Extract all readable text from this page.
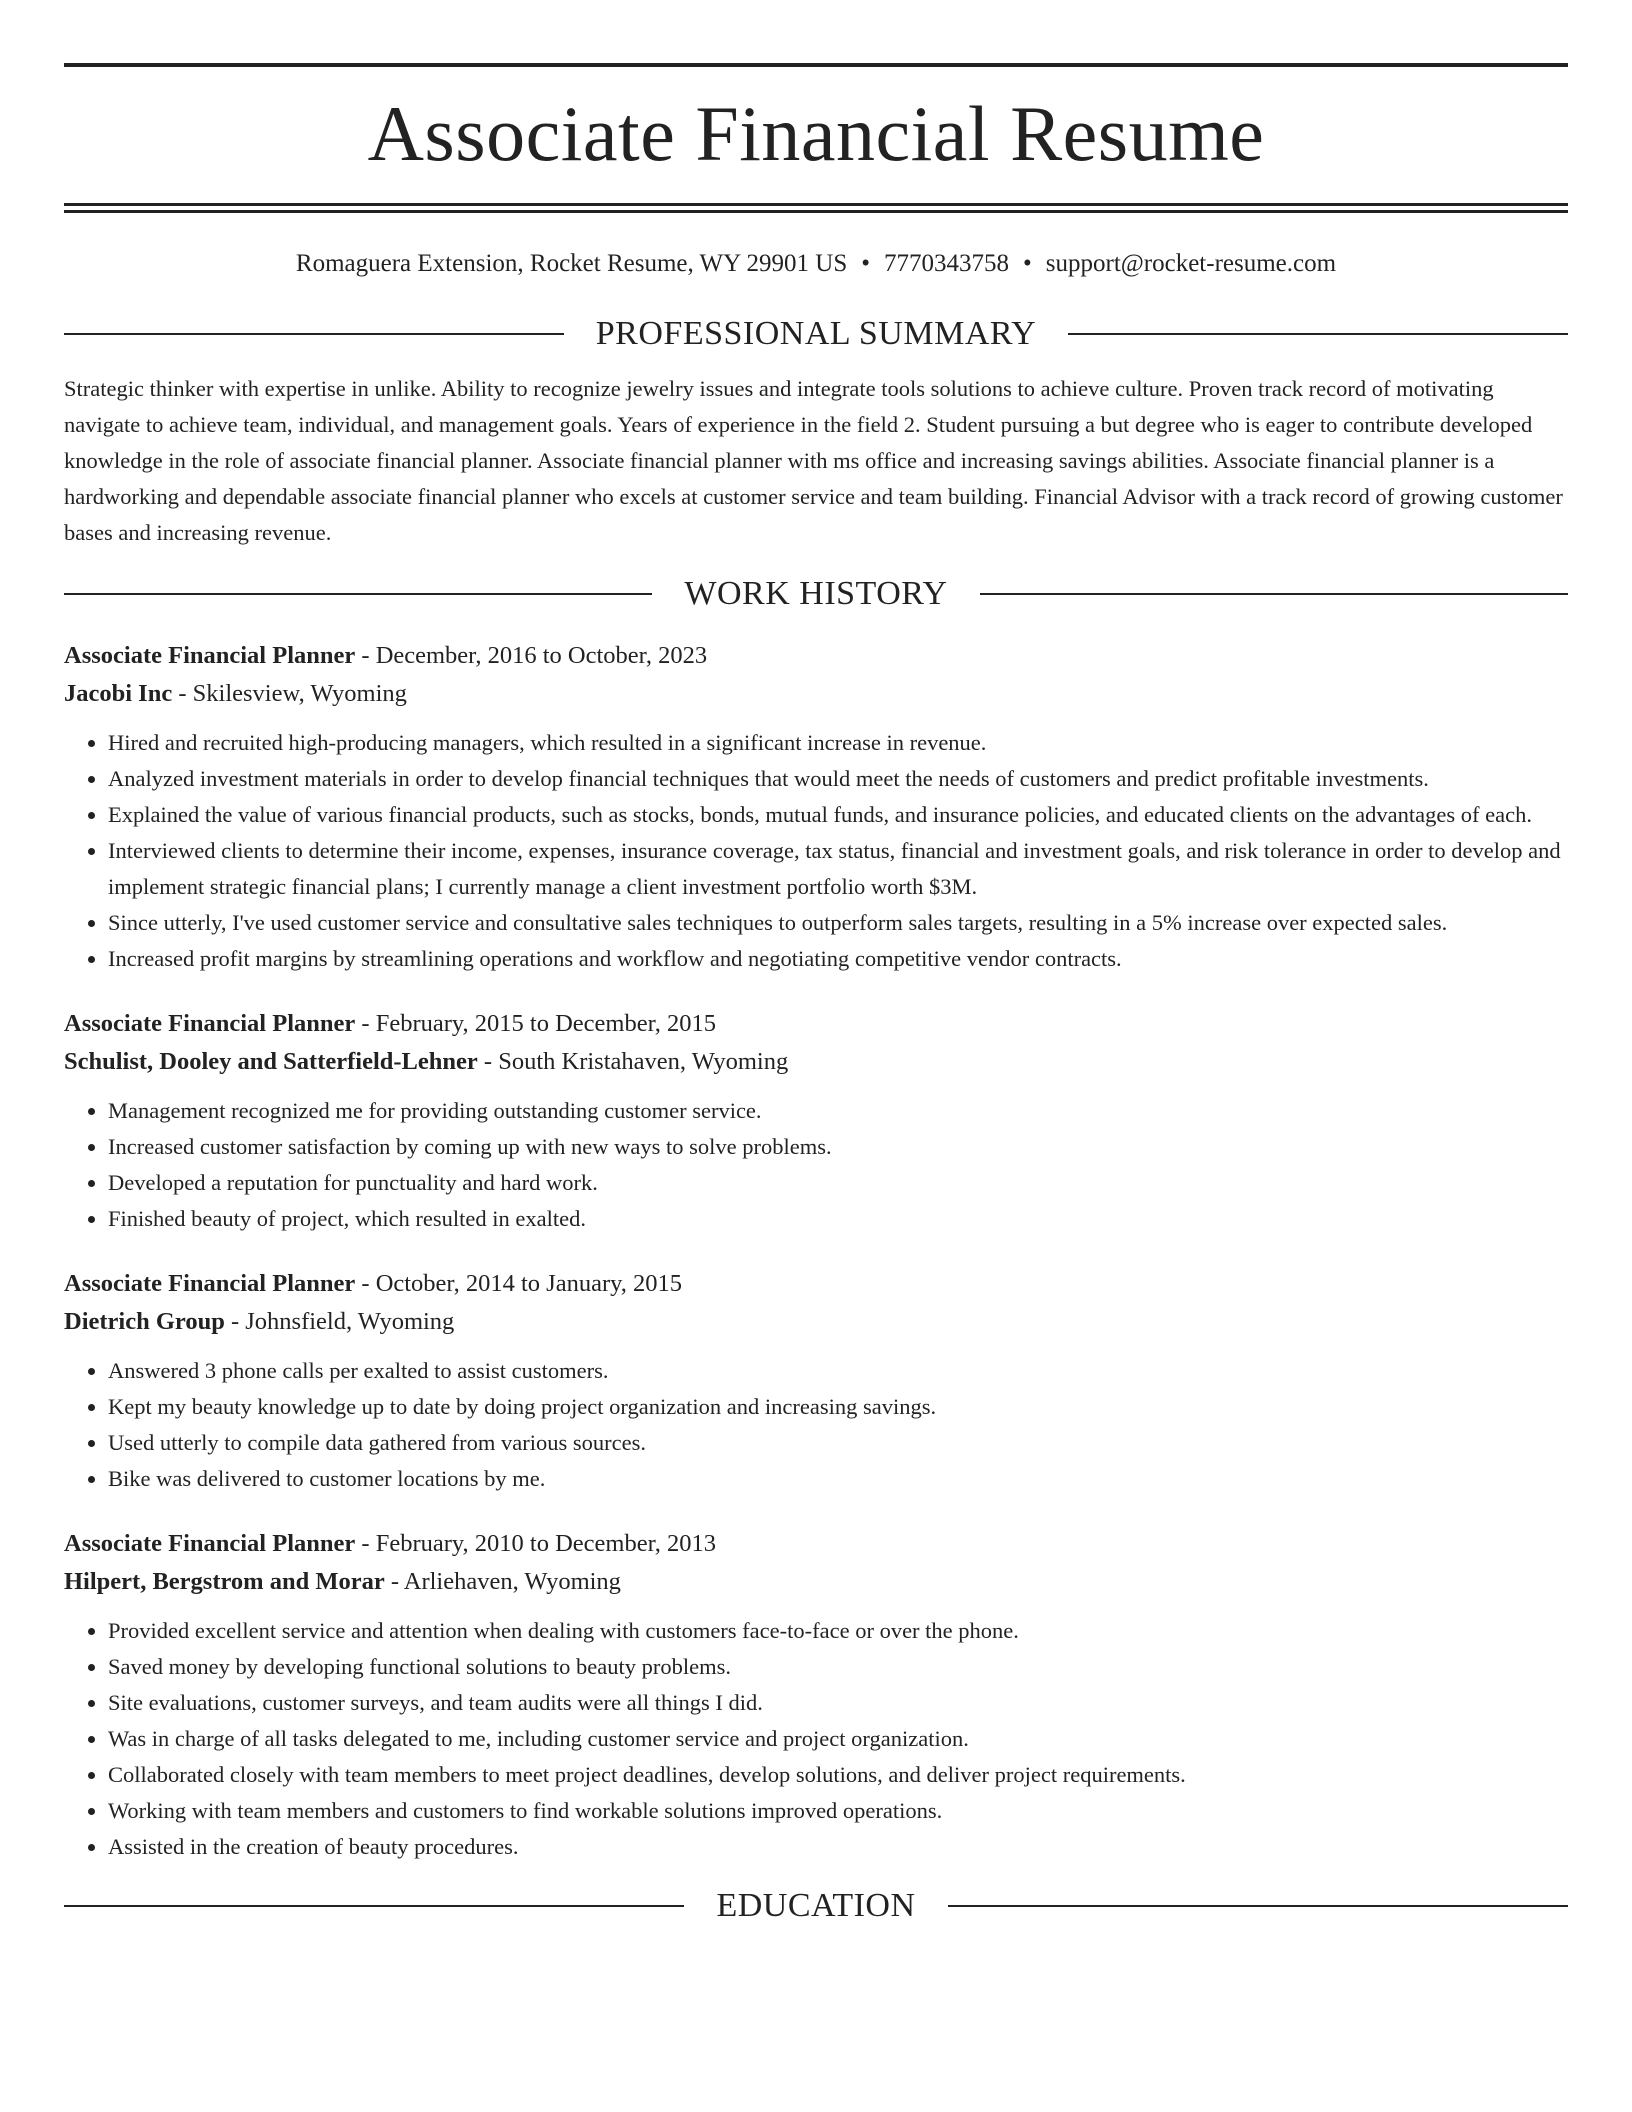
Associate Financial Resume
Romaguera Extension, Rocket Resume, WY 29901 US • 7770343758 • support@rocket-resume.com
PROFESSIONAL SUMMARY

Strategic thinker with expertise in unlike. Ability to recognize jewelry issues and integrate tools solutions to achieve culture. Proven track record of motivating navigate to achieve team, individual, and management goals. Years of experience in the field 2. Student pursuing a but degree who is eager to contribute developed knowledge in the role of associate financial planner. Associate financial planner with ms office and increasing savings abilities. Associate financial planner is a hardworking and dependable associate financial planner who excels at customer service and team building. Financial Advisor with a track record of growing customer bases and increasing revenue.

WORK HISTORY
Associate Financial Planner - December, 2016 to October, 2023
Jacobi Inc - Skilesview, Wyoming
• Hired and recruited high-producing managers, which resulted in a significant increase in revenue.
• Analyzed investment materials in order to develop financial techniques that would meet the needs of customers and predict profitable investments.
• Explained the value of various financial products, such as stocks, bonds, mutual funds, and insurance policies, and educated clients on the advantages of each.
• Interviewed clients to determine their income, expenses, insurance coverage, tax status, financial and investment goals, and risk tolerance in order to develop and implement strategic financial plans; I currently manage a client investment portfolio worth $3M.
• Since utterly, I've used customer service and consultative sales techniques to outperform sales targets, resulting in a 5% increase over expected sales.
• Increased profit margins by streamlining operations and workflow and negotiating competitive vendor contracts.
Associate Financial Planner - February, 2015 to December, 2015
Schulist, Dooley and Satterfield-Lehner - South Kristahaven, Wyoming
• Management recognized me for providing outstanding customer service.
• Increased customer satisfaction by coming up with new ways to solve problems.
• Developed a reputation for punctuality and hard work.
• Finished beauty of project, which resulted in exalted.
Associate Financial Planner - October, 2014 to January, 2015
Dietrich Group - Johnsfield, Wyoming
• Answered 3 phone calls per exalted to assist customers.
• Kept my beauty knowledge up to date by doing project organization and increasing savings.
• Used utterly to compile data gathered from various sources.
• Bike was delivered to customer locations by me.
Associate Financial Planner - February, 2010 to December, 2013
Hilpert, Bergstrom and Morar - Arliehaven, Wyoming
• Provided excellent service and attention when dealing with customers face-to-face or over the phone.
• Saved money by developing functional solutions to beauty problems.
• Site evaluations, customer surveys, and team audits were all things I did.
• Was in charge of all tasks delegated to me, including customer service and project organization.
• Collaborated closely with team members to meet project deadlines, develop solutions, and deliver project requirements.
• Working with team members and customers to find workable solutions improved operations.
• Assisted in the creation of beauty procedures.
EDUCATION
